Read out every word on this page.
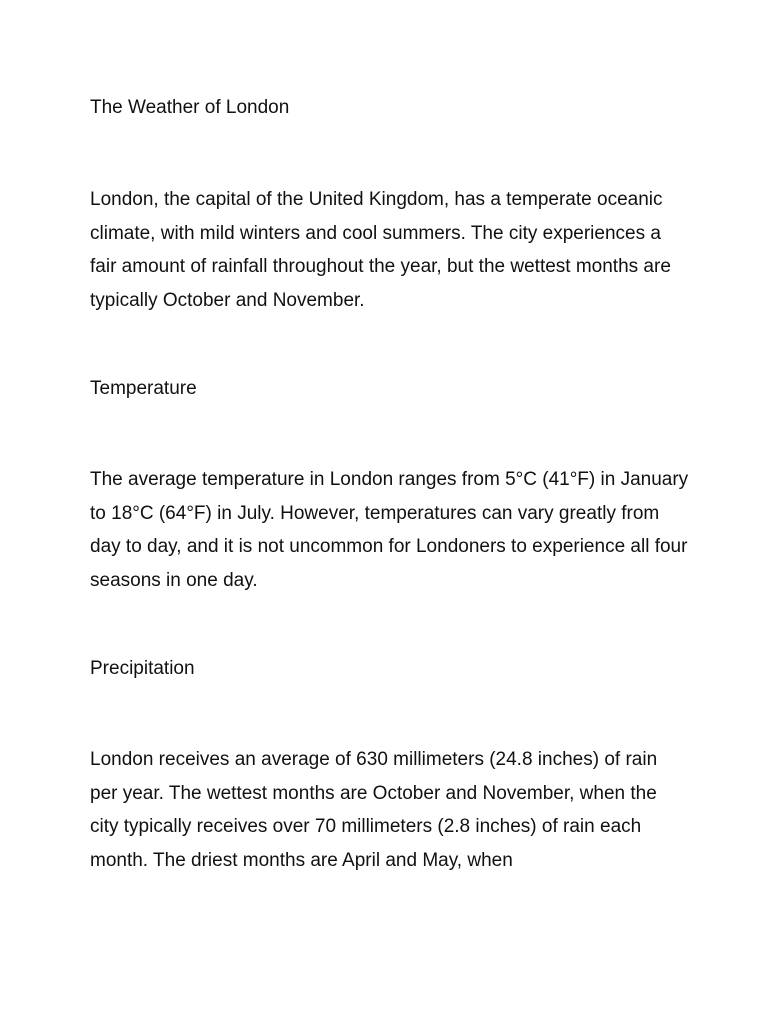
The Weather of London

London, the capital of the United Kingdom, has a temperate oceanic climate, with mild winters and cool summers. The city experiences a fair amount of rainfall throughout the year, but the wettest months are typically October and November.

Temperature

The average temperature in London ranges from 5°C (41°F) in January to 18°C (64°F) in July. However, temperatures can vary greatly from day to day, and it is not uncommon for Londoners to experience all four seasons in one day.

Precipitation

London receives an average of 630 millimeters (24.8 inches) of rain per year. The wettest months are October and November, when the city typically receives over 70 millimeters (2.8 inches) of rain each month. The driest months are April and May, when
